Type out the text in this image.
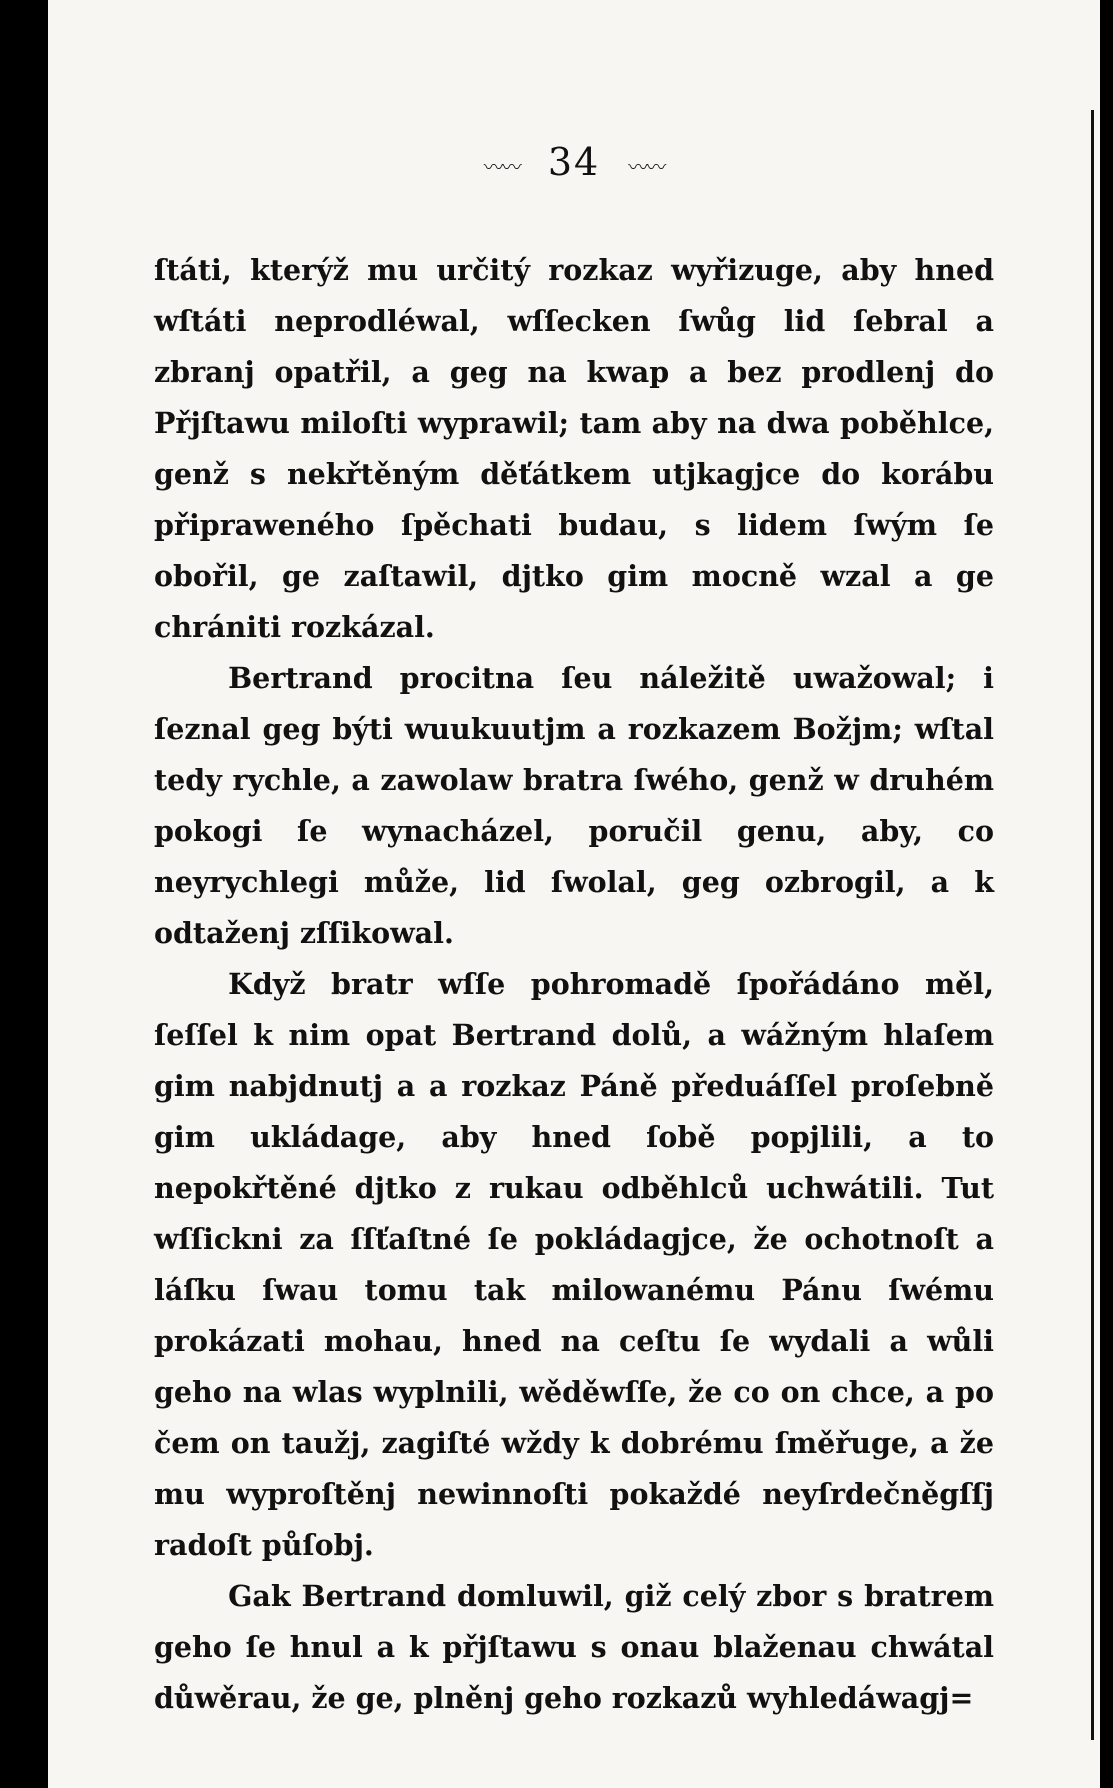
〰〰 34 〰〰

ſtáti, kterýž mu určitý rozkaz wyřizuge, aby hned wſtáti neprodléwal, wſſecken ſwůg lid ſebral a zbranj opatřil, a geg na kwap a bez prodlenj do Přjſtawu miloſti wyprawil; tam aby na dwa poběhlce, genž s nekřtěným děťátkem utjkagjce do korábu připraweného ſpěchati budau, s lidem ſwým ſe obořil, ge zaſtawil, djtko gim mocně wzal a ge chrániti rozkázal.

Bertrand procitna ſeu náležitě uwažowal; i ſeznal geg býti wuukuutjm a rozkazem Božjm; wſtal tedy rychle, a zawolaw bratra ſwého, genž w druhém pokogi ſe wynacházel, poručil genu, aby, co neyrychlegi může, lid ſwolal, geg ozbrogil, a k odtaženj zſſikowal.

Když bratr wſſe pohromadě ſpořádáno měl, ſeſſel k nim opat Bertrand dolů, a wážným hlaſem gim nabjdnutj a a rozkaz Páně předuáſſel proſebně gim ukládage, aby hned ſobě popjlili, a to nepokřtěné djtko z rukau odběhlců uchwátili. Tut wſſickni za ſſťaſtné ſe pokládagjce, že ochotnoſt a láſku ſwau tomu tak milowanému Pánu ſwému prokázati mohau, hned na ceſtu ſe wydali a wůli geho na wlas wyplnili, wěděwſſe, že co on chce, a po čem on taužj, zagiſté wždy k dobrému ſměřuge, a že mu wyproſtěnj newinnoſti pokaždé neyſrdečněgſſj radoſt půſobj.

Gak Bertrand domluwil, giž celý zbor s bratrem geho ſe hnul a k přjſtawu s onau blaženau chwátal důwěrau, že ge, plněnj geho rozkazů wyhledáwagj=
